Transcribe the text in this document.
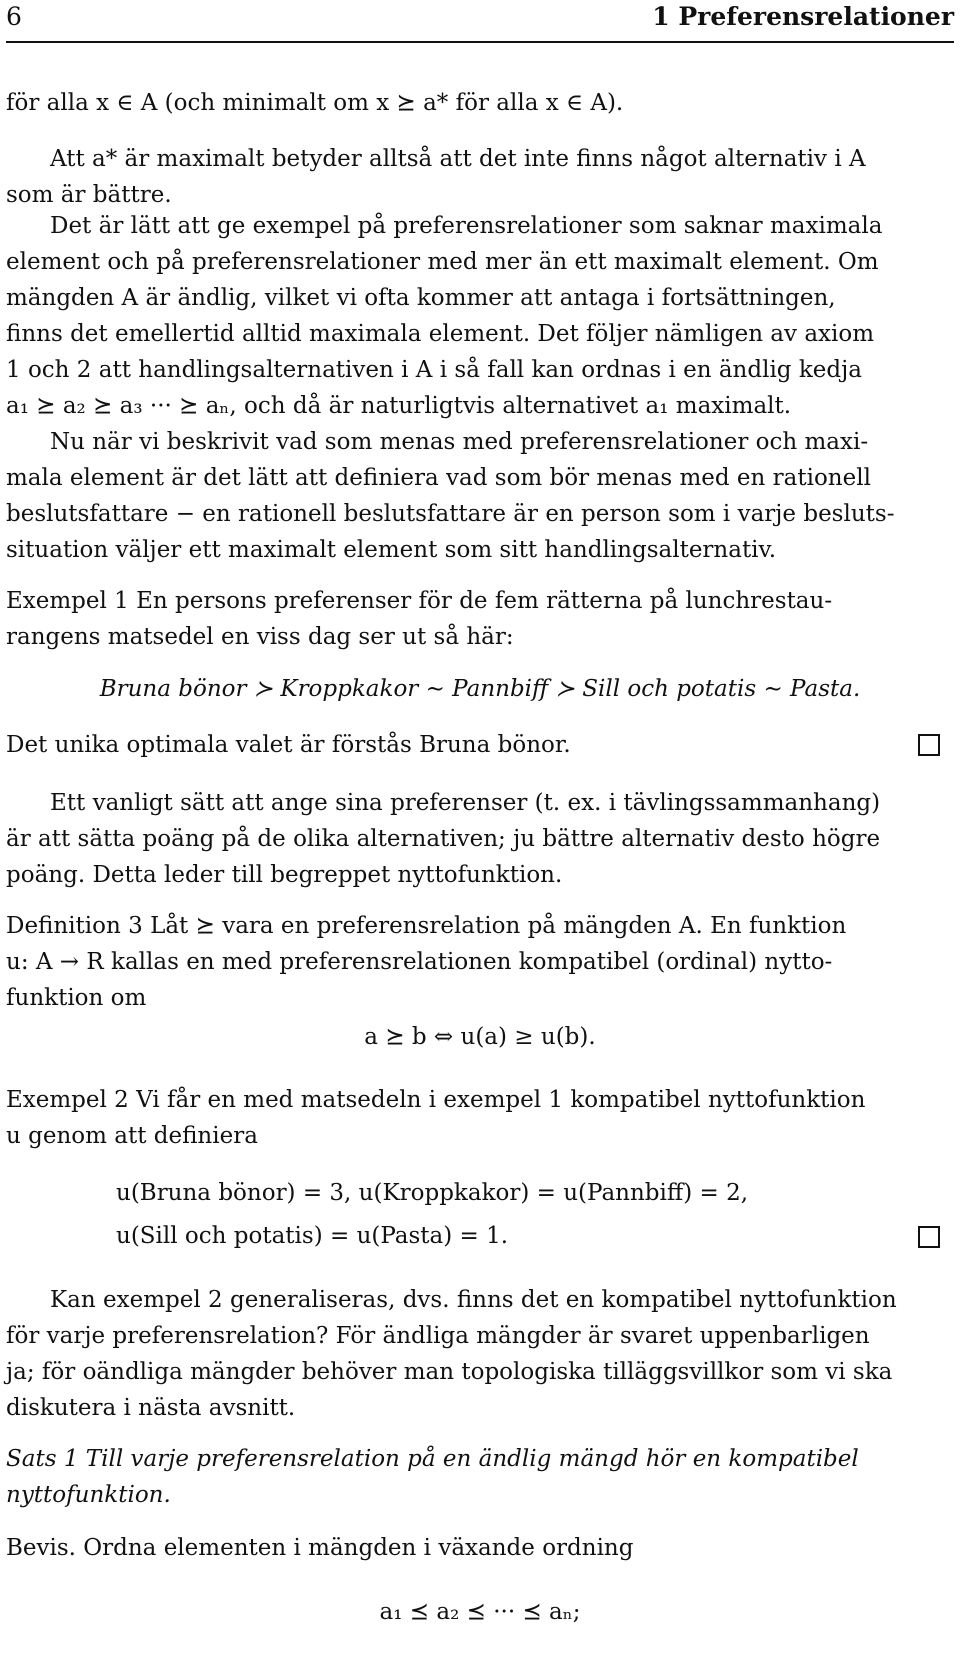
6	1 Preferensrelationer
för alla x ∈ A (och minimalt om x ⪰ a* för alla x ∈ A).
Att a* är maximalt betyder alltså att det inte finns något alternativ i A
som är bättre.
Det är lätt att ge exempel på preferensrelationer som saknar maximala
element och på preferensrelationer med mer än ett maximalt element. Om
mängden A är ändlig, vilket vi ofta kommer att antaga i fortsättningen,
finns det emellertid alltid maximala element. Det följer nämligen av axiom
1 och 2 att handlingsalternativen i A i så fall kan ordnas i en ändlig kedja
a₁ ⪰ a₂ ⪰ a₃ ··· ⪰ aₙ, och då är naturligtvis alternativet a₁ maximalt.
Nu när vi beskrivit vad som menas med preferensrelationer och maxi-
mala element är det lätt att definiera vad som bör menas med en rationell
beslutsfattare − en rationell beslutsfattare är en person som i varje besluts-
situation väljer ett maximalt element som sitt handlingsalternativ.
Exempel 1 En persons preferenser för de fem rätterna på lunchrestau-
rangens matsedel en viss dag ser ut så här:
Bruna bönor ≻ Kroppkakor ∼ Pannbiff ≻ Sill och potatis ∼ Pasta.
Det unika optimala valet är förstås Bruna bönor.
Ett vanligt sätt att ange sina preferenser (t. ex. i tävlingssammanhang)
är att sätta poäng på de olika alternativen; ju bättre alternativ desto högre
poäng. Detta leder till begreppet nyttofunktion.
Definition 3 Låt ⪰ vara en preferensrelation på mängden A. En funktion
u: A → R kallas en med preferensrelationen kompatibel (ordinal) nytto-
funktion om
a ⪰ b ⇔ u(a) ≥ u(b).
Exempel 2 Vi får en med matsedeln i exempel 1 kompatibel nyttofunktion
u genom att definiera
u(Bruna bönor) = 3, u(Kroppkakor) = u(Pannbiff) = 2,
u(Sill och potatis) = u(Pasta) = 1.
Kan exempel 2 generaliseras, dvs. finns det en kompatibel nyttofunktion
för varje preferensrelation? För ändliga mängder är svaret uppenbarligen
ja; för oändliga mängder behöver man topologiska tilläggsvillkor som vi ska
diskutera i nästa avsnitt.
Sats 1 Till varje preferensrelation på en ändlig mängd hör en kompatibel
nyttofunktion.
Bevis. Ordna elementen i mängden i växande ordning
a₁ ⪯ a₂ ⪯ ··· ⪯ aₙ;
